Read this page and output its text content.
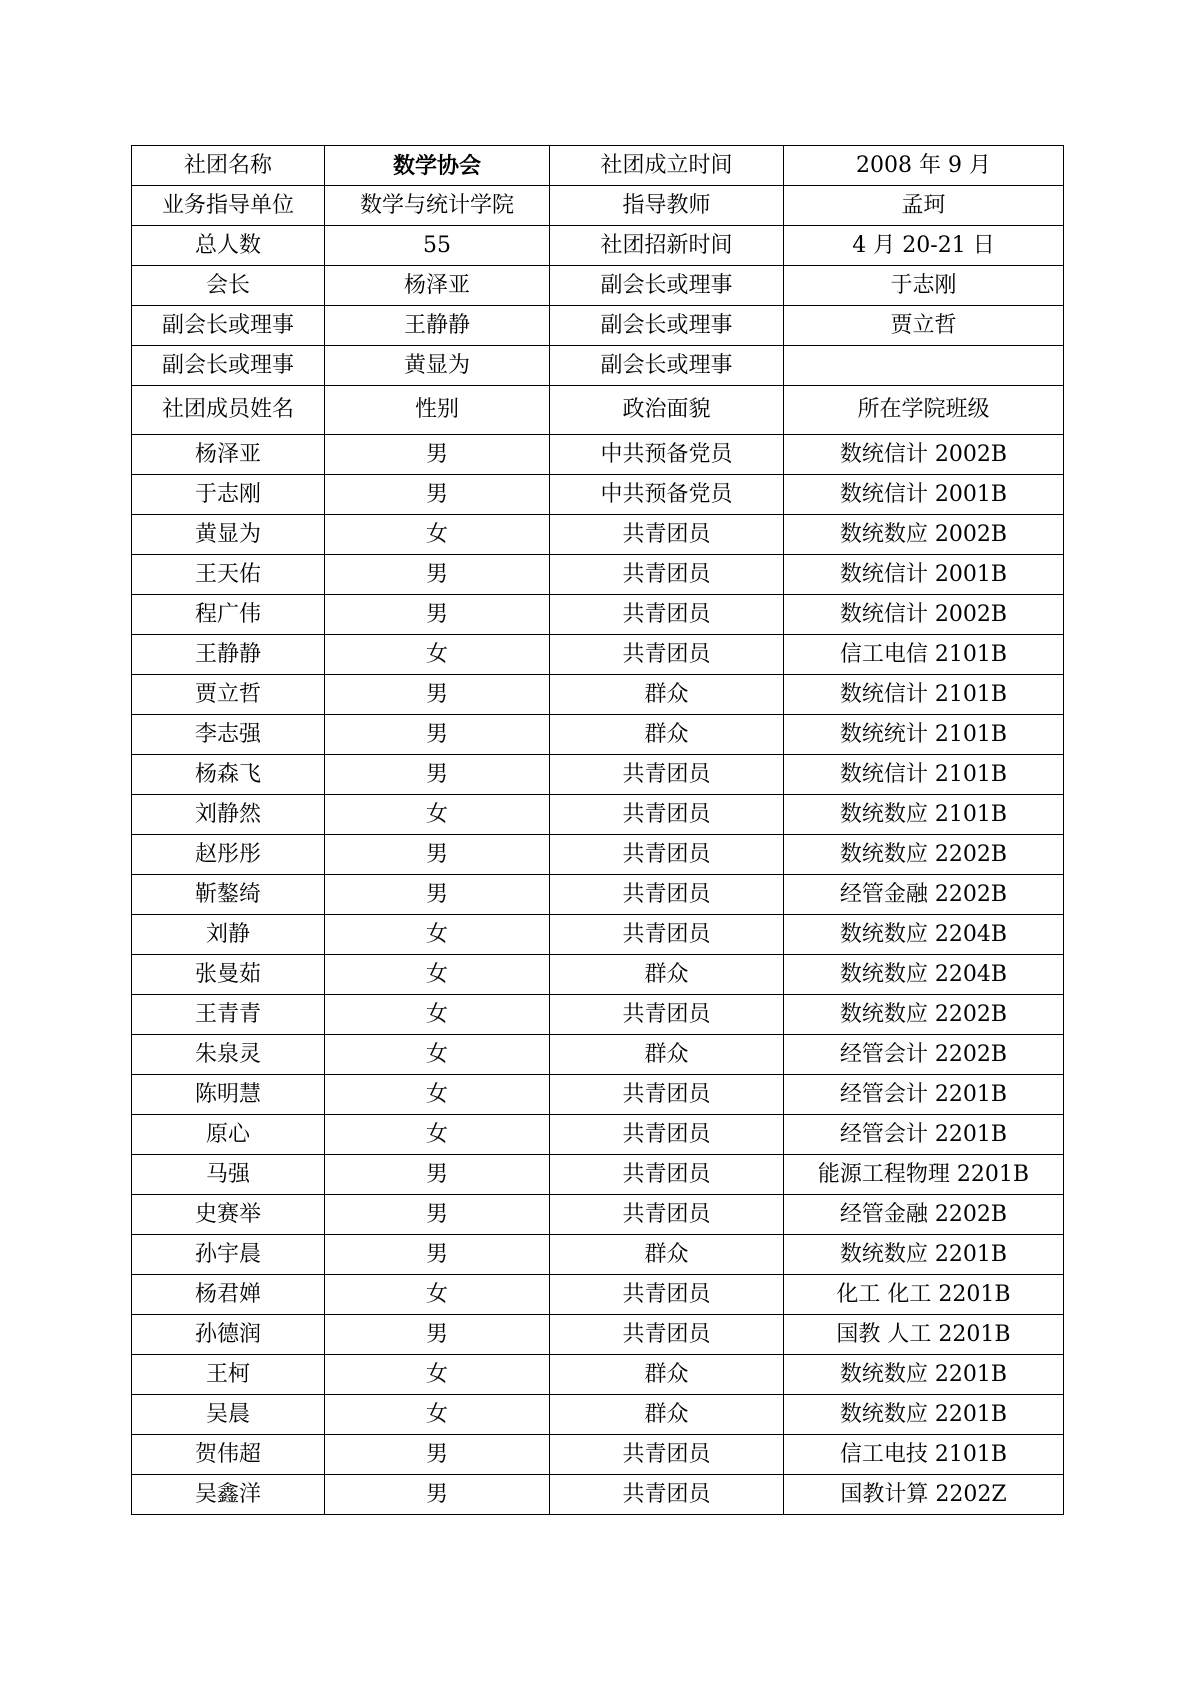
社团名称	数学协会	社团成立时间	2008 年 9 月
业务指导单位	数学与统计学院	指导教师	孟珂
总人数	55	社团招新时间	4 月 20-21 日
会长	杨泽亚	副会长或理事	于志刚
副会长或理事	王静静	副会长或理事	贾立哲
副会长或理事	黄显为	副会长或理事	
社团成员姓名	性别	政治面貌	所在学院班级
杨泽亚	男	中共预备党员	数统信计 2002B
于志刚	男	中共预备党员	数统信计 2001B
黄显为	女	共青团员	数统数应 2002B
王天佑	男	共青团员	数统信计 2001B
程广伟	男	共青团员	数统信计 2002B
王静静	女	共青团员	信工电信 2101B
贾立哲	男	群众	数统信计 2101B
李志强	男	群众	数统统计 2101B
杨森飞	男	共青团员	数统信计 2101B
刘静然	女	共青团员	数统数应 2101B
赵彤彤	男	共青团员	数统数应 2202B
靳鏊绮	男	共青团员	经管金融 2202B
刘静	女	共青团员	数统数应 2204B
张曼茹	女	群众	数统数应 2204B
王青青	女	共青团员	数统数应 2202B
朱泉灵	女	群众	经管会计 2202B
陈明慧	女	共青团员	经管会计 2201B
原心	女	共青团员	经管会计 2201B
马强	男	共青团员	能源工程物理 2201B
史赛举	男	共青团员	经管金融 2202B
孙宇晨	男	群众	数统数应 2201B
杨君婵	女	共青团员	化工 化工 2201B
孙德润	男	共青团员	国教 人工 2201B
王柯	女	群众	数统数应 2201B
吴晨	女	群众	数统数应 2201B
贺伟超	男	共青团员	信工电技 2101B
吴鑫洋	男	共青团员	国教计算 2202Z
